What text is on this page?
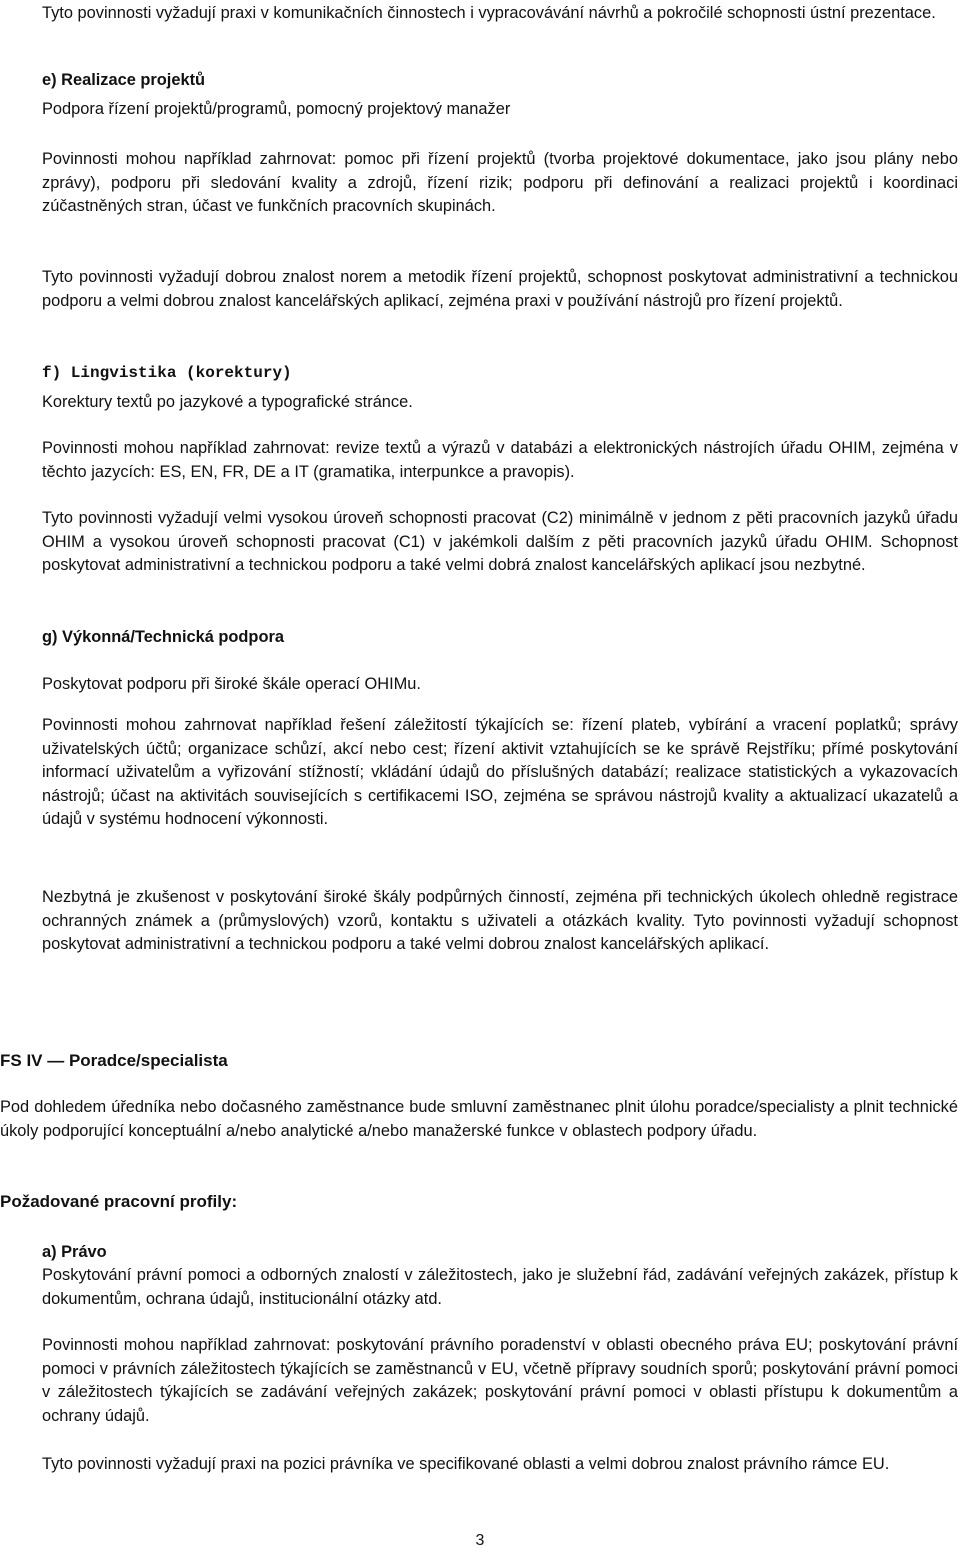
Tyto povinnosti vyžadují praxi v komunikačních činnostech i vypracovávání návrhů a pokročilé schopnosti ústní prezentace.

e) Realizace projektů

Podpora řízení projektů/programů, pomocný projektový manažer

Povinnosti mohou například zahrnovat: pomoc při řízení projektů (tvorba projektové dokumentace, jako jsou plány nebo zprávy), podporu při sledování kvality a zdrojů, řízení rizik; podporu při definování a realizaci projektů i koordinaci zúčastněných stran, účast ve funkčních pracovních skupinách.

Tyto povinnosti vyžadují dobrou znalost norem a metodik řízení projektů, schopnost poskytovat administrativní a technickou podporu a velmi dobrou znalost kancelářských aplikací, zejména praxi v používání nástrojů pro řízení projektů.

f) Lingvistika (korektury)

Korektury textů po jazykové a typografické stránce.

Povinnosti mohou například zahrnovat: revize textů a výrazů v databázi a elektronických nástrojích úřadu OHIM, zejména v těchto jazycích: ES, EN, FR, DE a IT (gramatika, interpunkce a pravopis).

Tyto povinnosti vyžadují velmi vysokou úroveň schopnosti pracovat (C2) minimálně v jednom z pěti pracovních jazyků úřadu OHIM a vysokou úroveň schopnosti pracovat (C1) v jakémkoli dalším z pěti pracovních jazyků úřadu OHIM. Schopnost poskytovat administrativní a technickou podporu a také velmi dobrá znalost kancelářských aplikací jsou nezbytné.

g) Výkonná/Technická podpora

Poskytovat podporu při široké škále operací OHIMu.

Povinnosti mohou zahrnovat například řešení záležitostí týkajících se: řízení plateb, vybírání a vracení poplatků; správy uživatelských účtů; organizace schůzí, akcí nebo cest; řízení aktivit vztahujících se ke správě Rejstříku; přímé poskytování informací uživatelům a vyřizování stížností; vkládání údajů do příslušných databází; realizace statistických a vykazovacích nástrojů; účast na aktivitách souvisejících s certifikacemi ISO, zejména se správou nástrojů kvality a aktualizací ukazatelů a údajů v systému hodnocení výkonnosti.

Nezbytná je zkušenost v poskytování široké škály podpůrných činností, zejména při technických úkolech ohledně registrace ochranných známek a (průmyslových) vzorů, kontaktu s uživateli a otázkách kvality. Tyto povinnosti vyžadují schopnost poskytovat administrativní a technickou podporu a také velmi dobrou znalost kancelářských aplikací.

FS IV — Poradce/specialista

Pod dohledem úředníka nebo dočasného zaměstnance bude smluvní zaměstnanec plnit úlohu poradce/specialisty a plnit technické úkoly podporující konceptuální a/nebo analytické a/nebo manažerské funkce v oblastech podpory úřadu.

Požadované pracovní profily:

a) Právo

Poskytování právní pomoci a odborných znalostí v záležitostech, jako je služební řád, zadávání veřejných zakázek, přístup k dokumentům, ochrana údajů, institucionální otázky atd.

Povinnosti mohou například zahrnovat: poskytování právního poradenství v oblasti obecného práva EU; poskytování právní pomoci v právních záležitostech týkajících se zaměstnanců v EU, včetně přípravy soudních sporů; poskytování právní pomoci v záležitostech týkajících se zadávání veřejných zakázek; poskytování právní pomoci v oblasti přístupu k dokumentům a ochrany údajů.

Tyto povinnosti vyžadují praxi na pozici právníka ve specifikované oblasti a velmi dobrou znalost právního rámce EU.

3
